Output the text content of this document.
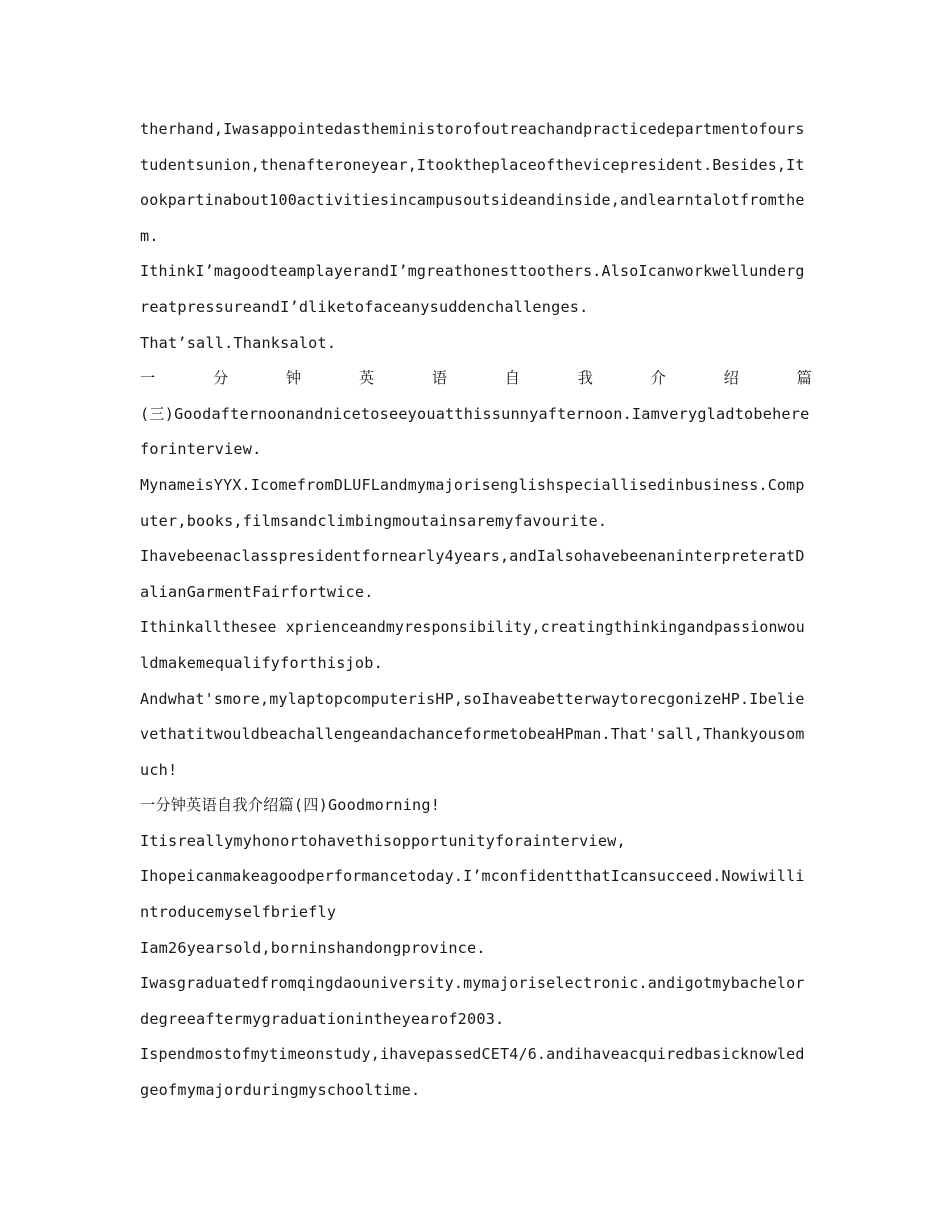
therhand,Iwasappointedastheministorofoutreachandpracticedepartmentofours
tudentsunion,thenafteroneyear,Itooktheplaceofthevicepresident.Besides,It
ookpartinabout100activitiesincampusoutsideandinside,andlearntalotfromthe
m.
IthinkI’magoodteamplayerandI’mgreathonesttoothers.AlsoIcanworkwellunderg
reatpressureandI’dliketofaceanysuddenchallenges.
That’sall.Thanksalot.
一	分	钟	英	语	自	我	介	绍	篇
(三)Goodafternoonandnicetoseeyouatthissunnyafternoon.Iamverygladtobehere
forinterview.
MynameisYYX.IcomefromDLUFLandmymajorisenglishspeciallisedinbusiness.Comp
uter,books,filmsandclimbingmoutainsaremyfavourite.
Ihavebeenaclasspresidentfornearly4years,andIalsohavebeenaninterpreteratD
alianGarmentFairfortwice.
Ithinkallthesee xprienceandmyresponsibility,creatingthinkingandpassionwou
ldmakemequalifyforthisjob.
Andwhat'smore,mylaptopcomputerisHP,soIhaveabetterwaytorecgonizeHP.Ibelie
vethatitwouldbeachallengeandachanceformetobeaHPman.That'sall,Thankyousom
uch!
一分钟英语自我介绍篇(四)Goodmorning!
Itisreallymyhonortohavethisopportunityforainterview,
Ihopeicanmakeagoodperformancetoday.I’mconfidentthatIcansucceed.Nowiwilli
ntroducemyselfbriefly
Iam26yearsold,borninshandongprovince.
Iwasgraduatedfromqingdaouniversity.mymajoriselectronic.andigotmybachelor
degreeaftermygraduationintheyearof2003.
Ispendmostofmytimeonstudy,ihavepassedCET4/6.andihaveacquiredbasicknowled
geofmymajorduringmyschooltime.
